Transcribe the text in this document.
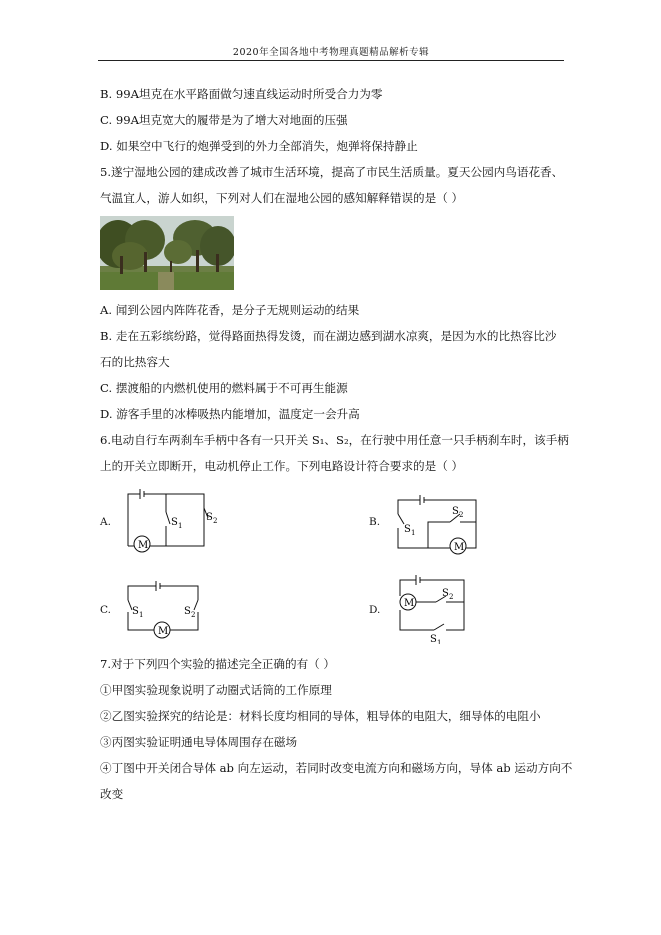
2020年全国各地中考物理真题精品解析专辑
B. 99A坦克在水平路面做匀速直线运动时所受合力为零
C. 99A坦克宽大的履带是为了增大对地面的压强
D. 如果空中飞行的炮弹受到的外力全部消失，炮弹将保持静止
5.遂宁湿地公园的建成改善了城市生活环境，提高了市民生活质量。夏天公园内鸟语花香、
气温宜人，游人如织，下列对人们在湿地公园的感知解释错误的是（ ）
A. 闻到公园内阵阵花香，是分子无规则运动的结果
B. 走在五彩缤纷路，觉得路面热得发烫，而在湖边感到湖水凉爽，是因为水的比热容比沙
石的比热容大
C. 摆渡船的内燃机使用的燃料属于不可再生能源
D. 游客手里的冰棒吸热内能增加，温度定一会升高
6.电动自行车两刹车手柄中各有一只开关 S₁、S₂，在行驶中用任意一只手柄刹车时，该手柄
上的开关立即断开，电动机停止工作。下列电路设计符合要求的是（ ）
A.
M
S 1
S 2	B.
M
S 1
S 2
C.
M
S 1	S 2	D.
M
S 2
S 1
7.对于下列四个实验的描述完全正确的有（ ）
①甲图实验现象说明了动圈式话筒的工作原理
②乙图实验探究的结论是：材料长度均相同的导体，粗导体的电阻大，细导体的电阻小
③丙图实验证明通电导体周围存在磁场
④丁图中开关闭合导体 ab 向左运动，若同时改变电流方向和磁场方向，导体 ab 运动方向不
改变
